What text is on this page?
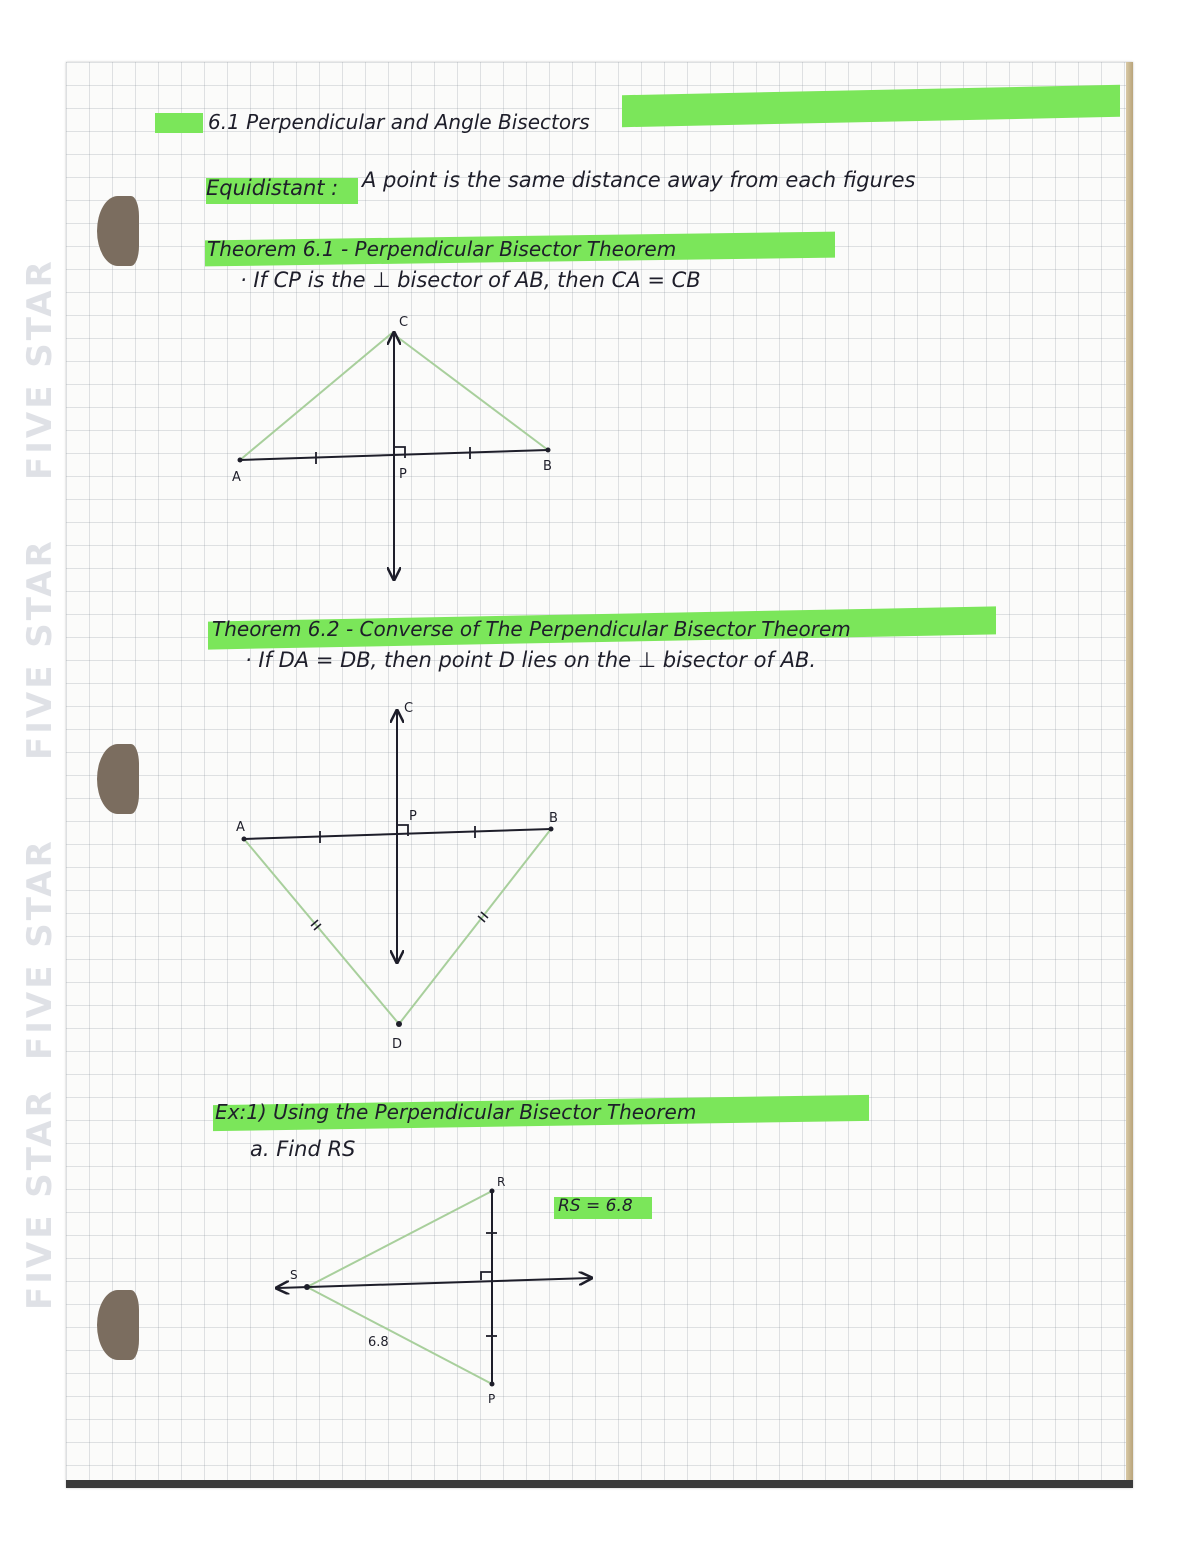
FIVE STAR
FIVE STAR
FIVE STAR
FIVE STAR
6.1 Perpendicular and Angle Bisectors
Equidistant : A point is the same distance away from each figures
Theorem 6.1 - Perpendicular Bisector Theorem
· If CP is the ⊥ bisector of AB, then CA = CB
C
A	P
B
C
A
P	B
D
R
S
P
6.8
Theorem 6.2 - Converse of The Perpendicular Bisector Theorem
· If DA = DB, then point D lies on the ⊥ bisector of AB.
Ex:1) Using the Perpendicular Bisector Theorem
a. Find RS
RS = 6.8
